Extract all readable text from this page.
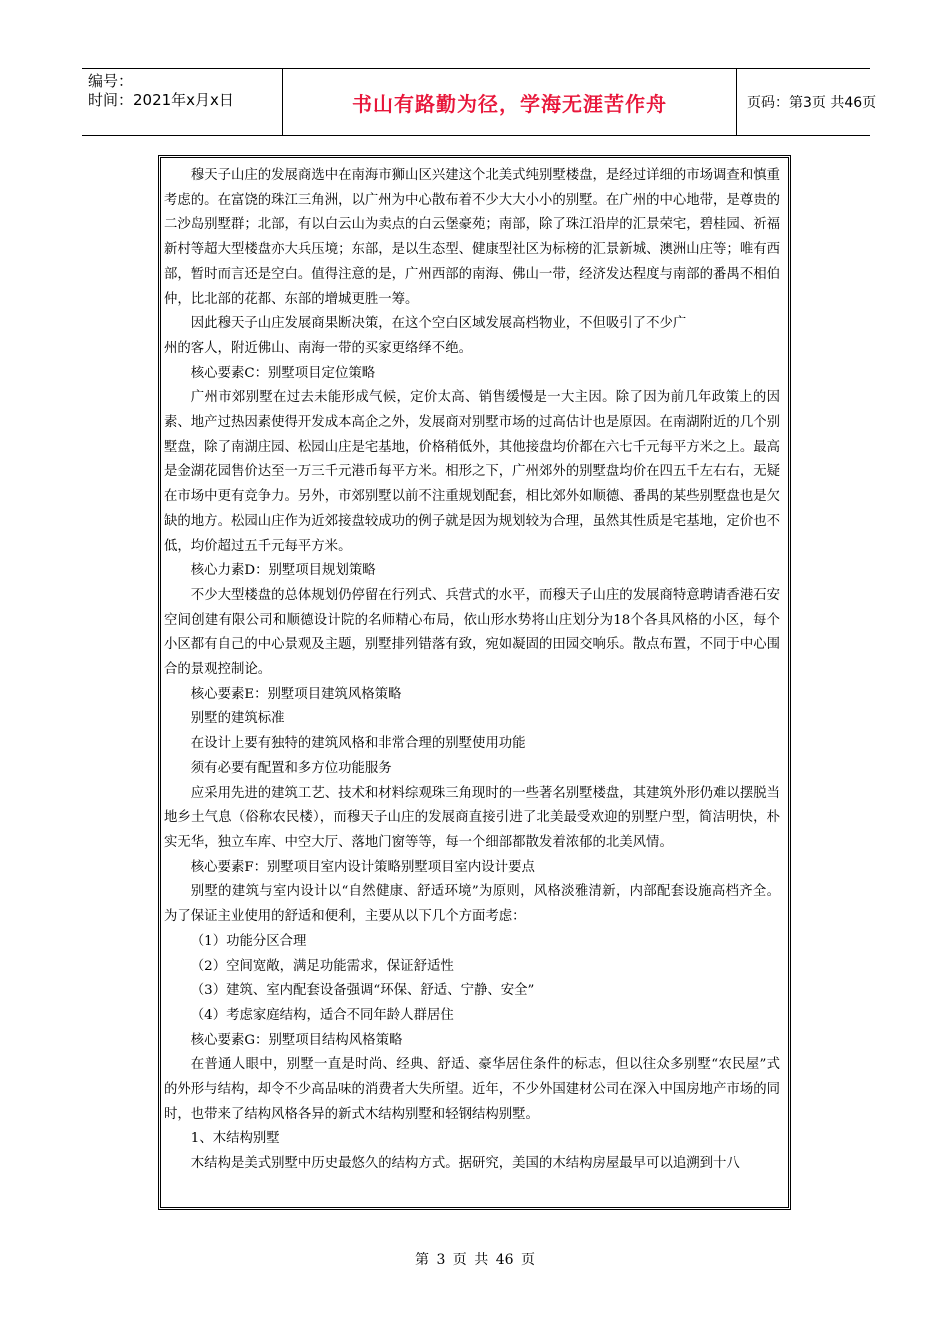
编号：
时间：2021年x月x日	书山有路勤为径，学海无涯苦作舟	页码：第3页 共46页

穆天子山庄的发展商选中在南海市狮山区兴建这个北美式纯别墅楼盘，是经过详细的市场调查和慎重考虑的。在富饶的珠江三角洲，以广州为中心散布着不少大大小小的别墅。在广州的中心地带，是尊贵的二沙岛别墅群；北部，有以白云山为卖点的白云堡豪苑；南部，除了珠江沿岸的汇景荣宅，碧桂园、祈福新村等超大型楼盘亦大兵压境；东部，是以生态型、健康型社区为标榜的汇景新城、澳洲山庄等；唯有西部，暂时而言还是空白。值得注意的是，广州西部的南海、佛山一带，经济发达程度与南部的番禺不相伯仲，比北部的花都、东部的增城更胜一筹。

因此穆天子山庄发展商果断决策，在这个空白区域发展高档物业，不但吸引了不少广

州的客人，附近佛山、南海一带的买家更络绎不绝。

核心要素C：别墅项目定位策略

广州市郊别墅在过去未能形成气候，定价太高、销售缓慢是一大主因。除了因为前几年政策上的因素、地产过热因素使得开发成本高企之外，发展商对别墅市场的过高估计也是原因。在南湖附近的几个别墅盘，除了南湖庄园、松园山庄是宅基地，价格稍低外，其他接盘均价都在六七千元每平方米之上。最高是金湖花园售价达至一万三千元港币每平方米。相形之下，广州郊外的别墅盘均价在四五千左右右，无疑在市场中更有竞争力。另外，市郊别墅以前不注重规划配套，相比郊外如顺德、番禺的某些别墅盘也是欠缺的地方。松园山庄作为近郊接盘较成功的例子就是因为规划较为合理，虽然其性质是宅基地，定价也不低，均价超过五千元每平方米。

核心力素D：别墅项目规划策略

不少大型楼盘的总体规划仍停留在行列式、兵营式的水平，而穆天子山庄的发展商特意聘请香港石安空间创建有限公司和顺德设计院的名师精心布局，依山形水势将山庄划分为18个各具风格的小区，每个小区都有自己的中心景观及主题，别墅排列错落有致，宛如凝固的田园交响乐。散点布置，不同于中心围合的景观控制论。

核心要素E：别墅项目建筑风格策略

别墅的建筑标准

在设计上要有独特的建筑风格和非常合理的别墅使用功能

须有必要有配置和多方位功能服务

应采用先进的建筑工艺、技术和材料综观珠三角现时的一些著名别墅楼盘，其建筑外形仍难以摆脱当地乡土气息（俗称农民楼），而穆天子山庄的发展商直接引进了北美最受欢迎的别墅户型，简洁明快，朴实无华，独立车库、中空大厅、落地门窗等等，每一个细部都散发着浓郁的北美风情。

核心要素F：别墅项目室内设计策略别墅项目室内设计要点

别墅的建筑与室内设计以“自然健康、舒适环境”为原则，风格淡雅清新，内部配套设施高档齐全。为了保证主业使用的舒适和便利，主要从以下几个方面考虑：

（1）功能分区合理

（2）空间宽敞，满足功能需求，保证舒适性

（3）建筑、室内配套设备强调“环保、舒适、宁静、安全”

（4）考虑家庭结构，适合不同年龄人群居住

核心要素G：别墅项目结构风格策略

在普通人眼中，别墅一直是时尚、经典、舒适、豪华居住条件的标志，但以往众多别墅“农民屋”式的外形与结构，却令不少高品味的消费者大失所望。近年，不少外国建材公司在深入中国房地产市场的同时，也带来了结构风格各异的新式木结构别墅和轻钢结构别墅。

1、木结构别墅

木结构是美式别墅中历史最悠久的结构方式。据研究，美国的木结构房屋最早可以追溯到十八

第 3 页 共 46 页
